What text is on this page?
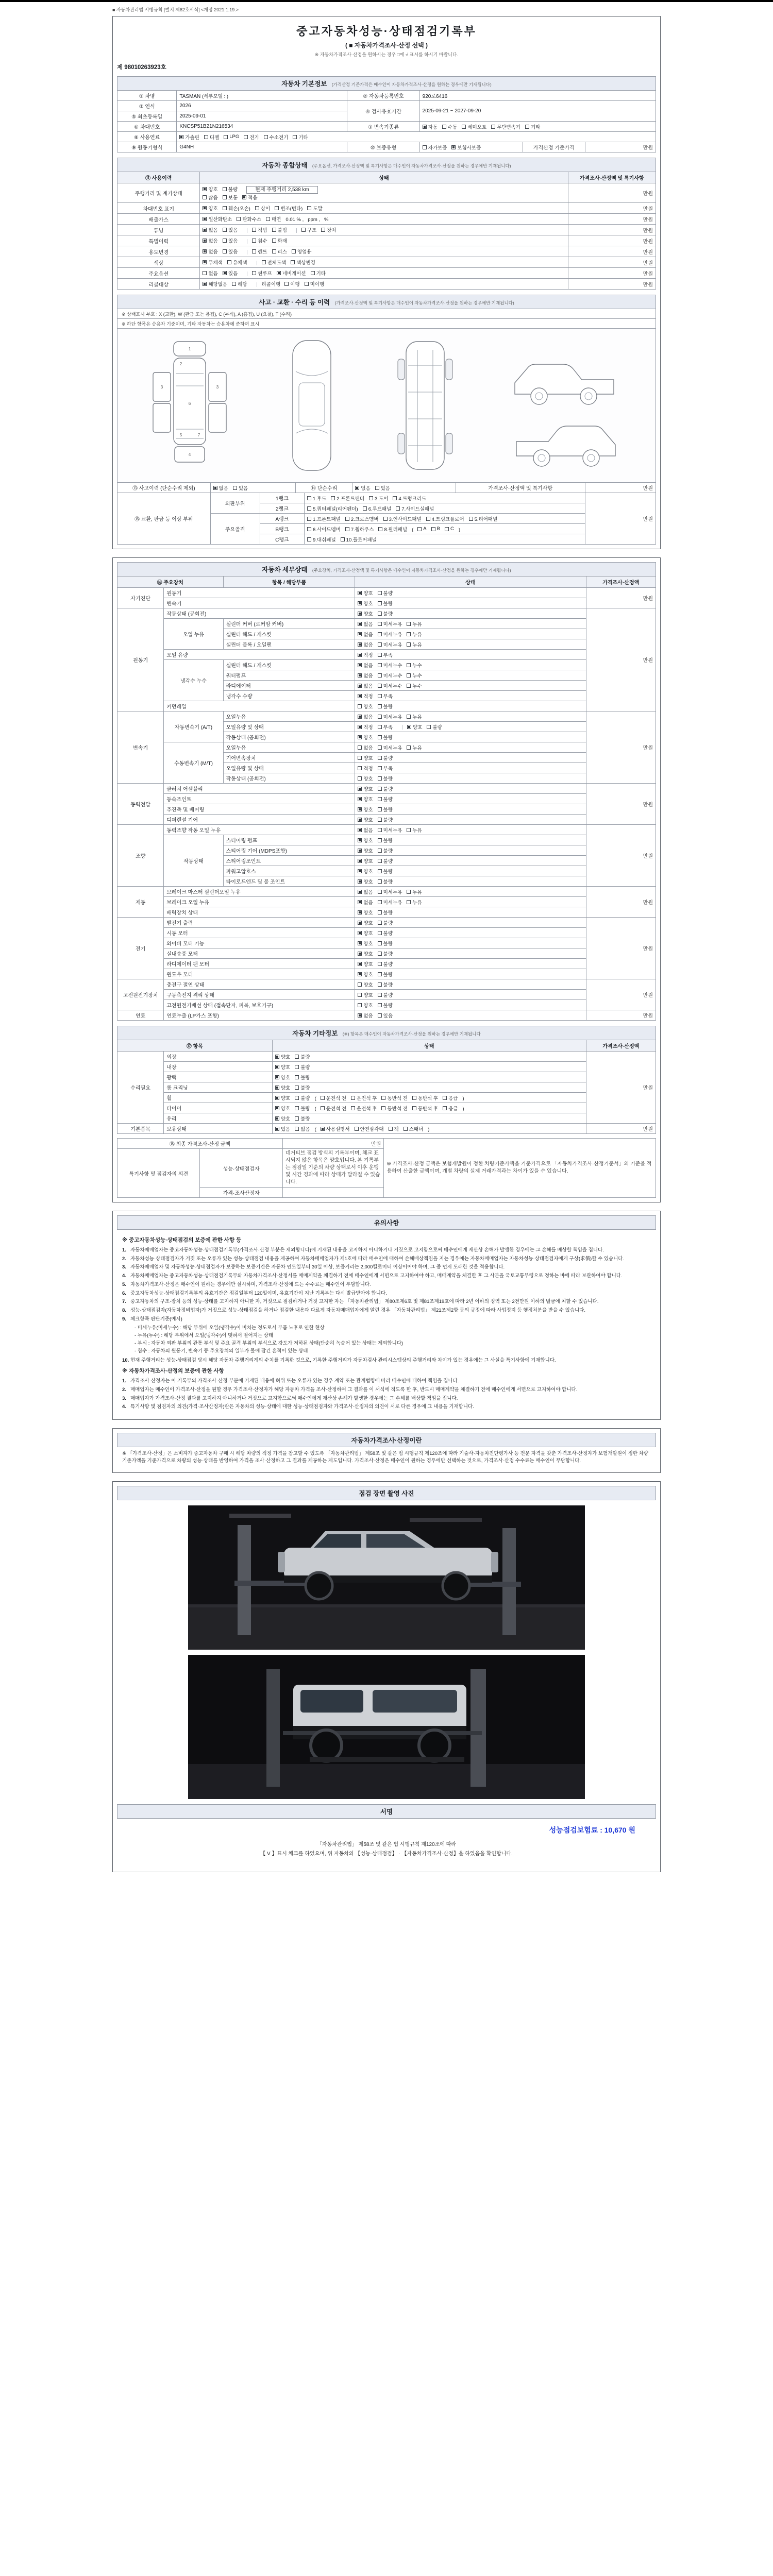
■ 자동차관리법 시행규칙 [별지 제82호서식] <개정 2021.1.19.>
중고자동차성능·상태점검기록부
( ■ 자동차가격조사·산정 선택 )
※ 자동차가격조사·산정을 원하시는 경우 □에 √ 표시를 하시기 바랍니다.
제 98010263923호
자동차 기본정보 (가격산정 기준가격은 매수인이 자동차가격조사·산정을 원하는 경우에만 기재됩니다)
① 차명	TASMAN (세부모델 : )	② 자동차등록번호	920로6416		
③ 연식	2026	④ 검사유효기간	2025-09-21 ~ 2027-09-20		
⑤ 최초등록일	2025-09-01				
⑥ 차대번호	KNCSP51B21N216534	⑦ 변속기종류	자동 수동 세미오토 무단변속기 기타		

⑧ 사용연료	가솔린 디젤 LPG 전기 수소전기 기타

⑨ 원동기형식	G4NH	⑩ 보증유형	자가보증 보험사보증	가격산정 기준가격	만원
자동차 종합상태 (주요옵션, 가격조사·산정액 및 특기사항은 매수인이 자동차가격조사·산정을 원하는 경우에만 기재됩니다)
⑪ 사용이력	상태	가격조사·산정액 및 특기사항
주행거리 및 계기상태	
양호 불량	현재 주행거리 2,538 km
많음 보통 적음
	만원
차대번호 표기	양호 훼손(오손) 상이 변조(변타) 도말	만원
배출가스	일산화탄소 탄화수소 매연 0.01 % , ppm , %	만원
튜닝	없음 있음	적법 불법	구조 장치	만원
특별이력	없음 있음 침수 화재	만원
용도변경	없음 있음 렌트 리스 영업용	만원
색상	무채색 유채색 전체도색 색상변경	만원
주요옵션	없음 있음 썬루프 네비게이션 기타	만원
리콜대상	해당없음 해당 리콜이행 이행 미이행	만원
사고 · 교환 · 수리 등 이력 (가격조사·산정액 및 특기사항은 매수인이 자동차가격조사·산정을 원하는 경우에만 기재됩니다)
※ 상태표시 부호 : X (교환), W (판금 또는 용접), C (부식), A (흠집), U (요철), T (수리)
※ 하단 항목은 승용차 기준이며, 기타 자동차는 승용차에 준하여 표시
1
2
3	3
6
5
4
7
⑬ 사고이력 (단순수리 제외)	없음 있음	⑭ 단순수리	없음 있음	가격조사·산정액 및 특기사항	만원
⑮ 교환, 판금 등 이상 부위	외판부위	1랭크	1.후드 2.프론트펜더 3.도어 4.트렁크리드	만원
		2랭크	5.쿼터패널(리어펜더) 6.루프패널 7.사이드실패널	

	주요골격	A랭크	1.프론트패널 2.크로스멤버 3.인사이드패널 4.트렁크플로어 5.리어패널	

B랭크	6.사이드멤버 7.휠하우스 8.필러패널 ( A B C )
		C랭크	9.대쉬패널 10.플로어패널	
자동차 세부상태 (주요장치, 가격조사·산정액 및 특기사항은 매수인이 자동차가격조사·산정을 원하는 경우에만 기재됩니다)
⑯ 주요장치		항목 / 해당부품	상태	가격조사·산정액
자기진단	원동기		양호 불량	만원
	변속기		양호 불량	

원동기	작동상태 (공회전)		양호 불량	만원
	오일 누유	실린더 커버 (로커암 커버)	없음 미세누유 누유	

		실린더 헤드 / 개스킷	없음 미세누유 누유	

		실린더 블록 / 오일팬	없음 미세누유 누유	

	오일 유량		적정 부족	

	냉각수 누수	실린더 헤드 / 개스킷	없음 미세누수 누수	

		워터펌프	없음 미세누수 누수	

		라디에이터	없음 미세누수 누수	

		냉각수 수량	적정 부족	

	커먼레일		양호 불량	

변속기	자동변속기 (A/T)	오일누유	없음 미세누유 누유	만원
		오일유량 및 상태	적정 부족 양호 불량	

		작동상태 (공회전)	양호 불량	

	수동변속기 (M/T)	오일누유	없음 미세누유 누유	

		기어변속장치	양호 불량	

		오일유량 및 상태	적정 부족	

		작동상태 (공회전)	양호 불량	

동력전달	클러치 어셈블리		양호 불량	만원
	등속조인트		양호 불량	

	추진축 및 베어링		양호 불량	

	디퍼렌셜 기어		양호 불량	

조향	동력조향 작동 오일 누유		없음 미세누유 누유	만원
	작동상태	스티어링 펌프	양호 불량	

		스티어링 기어 (MDPS포함)	양호 불량	

		스티어링조인트	양호 불량	

		파워고압호스	양호 불량	

		타이로드엔드 및 볼 조인트	양호 불량	

제동	브레이크 마스터 실린더오일 누유		없음 미세누유 누유	만원
	브레이크 오일 누유		없음 미세누유 누유	

	배력장치 상태		양호 불량	

전기	발전기 출력		양호 불량	만원
	시동 모터		양호 불량	

	와이퍼 모터 기능		양호 불량	

	실내송풍 모터		양호 불량	

	라디에이터 팬 모터		양호 불량	

	윈도우 모터		양호 불량	

고전원전기장치	충전구 절연 상태		양호 불량	만원
	구동축전지 격리 상태		양호 불량	

	고전원전기배선 상태 (접속단자, 피복, 보호기구)		양호 불량	

연료	연료누출 (LP가스 포함)		없음 있음	만원
자동차 기타정보 (※) 항목은 매수인이 자동차가격조사·산정을 원하는 경우에만 기재됩니다
⑰ 항목		상태	가격조사·산정액
수리필요	외장	양호 불량	만원
	내장	양호 불량	

	광택	양호 불량	

	룸 크리닝	양호 불량	

휠	양호 불량 ( 운전석 전 운전석 후 동반석 전 동반석 후 응급 )
타이어	양호 불량 ( 운전석 전 운전석 후 동반석 전 동반석 후 응급 )
	유리	양호 불량	

기본품목	보유상태	있음 없음 ( 사용설명서 안전삼각대 잭 스패너 )	만원
⑱ 최종 가격조사·산정 금액		만원	※ 가격조사·산정 금액은 보험개발원이 정한 차량기준가액을 기준가격으로 「자동차가격조사·산정기준서」의 기준을 적용하여 산출한 금액이며, 개별 차량의 실제 거래가격과는 차이가 있을 수 있습니다.
특기사항 및 점검자의 의견	성능·상태점검자	네거티브 점검 방식의 기록부이며, 체크 표시되지 않은 항목은 양호입니다. 본 기록부는 점검일 기준의 차량 상태로서 이후 운행 및 시간 경과에 따라 상태가 달라질 수 있습니다.	
	가격·조사산정자		
유의사항
※ 중고자동차성능·상태점검의 보증에 관한 사항 등
1. 자동차매매업자는 중고자동차성능·상태점검기록부(가격조사·산정 부분은 제외합니다)에 기재된 내용을 고지하지 아니하거나 거짓으로 고지함으로써 매수인에게 재산상 손해가 발생한 경우에는 그 손해를 배상할 책임을 집니다.
2. 자동차성능·상태점검자가 거짓 또는 오류가 있는 성능·상태점검 내용을 제공하여 자동차매매업자가 제1호에 따라 매수인에 대하여 손해배상책임을 지는 경우에는 자동차매매업자는 자동차성능·상태점검자에게 구상(求償)할 수 있습니다.
3. 자동차매매업자 및 자동차성능·상태점검자가 보증하는 보증기간은 자동차 인도일부터 30일 이상, 보증거리는 2,000킬로미터 이상이어야 하며, 그 중 먼저 도래한 것을 적용합니다.
4. 자동차매매업자는 중고자동차성능·상태점검기록부와 자동차가격조사·산정서를 매매계약을 체결하기 전에 매수인에게 서면으로 고지하여야 하고, 매매계약을 체결한 후 그 사본을 국토교통부령으로 정하는 바에 따라 보관하여야 합니다.
5. 자동차가격조사·산정은 매수인이 원하는 경우에만 실시하며, 가격조사·산정에 드는 수수료는 매수인이 부담합니다.
6. 중고자동차성능·상태점검기록부의 유효기간은 점검일부터 120일이며, 유효기간이 지난 기록부는 다시 발급받아야 합니다.
7. 중고자동차의 구조·장치 등의 성능·상태를 고지하지 아니한 자, 거짓으로 점검하거나 거짓 고지한 자는 「자동차관리법」 제80조제6호 및 제81조제19호에 따라 2년 이하의 징역 또는 2천만원 이하의 벌금에 처할 수 있습니다.
8. 성능·상태점검자(자동차정비업자)가 거짓으로 성능·상태점검을 하거나 점검한 내용과 다르게 자동차매매업자에게 알린 경우 「자동차관리법」 제21조제2항 등의 규정에 따라 사업정지 등 행정처분을 받을 수 있습니다.
9. 체크항목 판단기준(예시)
- 미세누유(미세누수) : 해당 부위에 오일(냉각수)이 비치는 정도로서 부품 노후로 인한 현상
- 누유(누수) : 해당 부위에서 오일(냉각수)이 맺혀서 떨어지는 상태
- 부식 : 자동차 외판 부위의 관통 부식 및 주요 골격 부위의 부식으로 강도가 저하된 상태(단순히 녹슬어 있는 상태는 제외합니다)
- 침수 : 자동차의 원동기, 변속기 등 주요장치의 일부가 물에 잠긴 흔적이 있는 상태
10. 현재 주행거리는 성능·상태점검 당시 해당 자동차 주행거리계의 수치를 기록한 것으로, 기록한 주행거리가 자동차검사 관리시스템상의 주행거리와 차이가 있는 경우에는 그 사실을 특기사항에 기재합니다.
※ 자동차가격조사·산정의 보증에 관한 사항
1. 가격조사·산정자는 이 기록부의 가격조사·산정 부분에 기재된 내용에 허위 또는 오류가 있는 경우 계약 또는 관계법령에 따라 매수인에 대하여 책임을 집니다.
2. 매매업자는 매수인이 가격조사·산정을 원할 경우 가격조사·산정자가 해당 자동차 가격을 조사·산정하여 그 결과를 이 서식에 적도록 한 후, 반드시 매매계약을 체결하기 전에 매수인에게 서면으로 고지하여야 합니다.
3. 매매업자가 가격조사·산정 결과를 고지하지 아니하거나 거짓으로 고지함으로써 매수인에게 재산상 손해가 발생한 경우에는 그 손해를 배상할 책임을 집니다.
4. 특기사항 및 점검자의 의견(가격·조사산정자)란은 자동차의 성능·상태에 대한 성능·상태점검자와 가격조사·산정자의 의견이 서로 다른 경우에 그 내용을 기재합니다.
자동차가격조사·산정이란
※ 「가격조사·산정」은 소비자가 중고자동차 구매 시 해당 차량의 적정 가격을 참고할 수 있도록 「자동차관리법」 제58조 및 같은 법 시행규칙 제120조에 따라 기술사·자동차진단평가사 등 전문 자격을 갖춘 가격조사·산정자가 보험개발원이 정한 차량기준가액을 기준가격으로 차량의 성능·상태를 반영하여 가격을 조사·산정하고 그 결과를 제공하는 제도입니다. 가격조사·산정은 매수인이 원하는 경우에만 선택하는 것으로, 가격조사·산정 수수료는 매수인이 부담합니다.
점검 장면 촬영 사진
서명
성능점검보험료 : 10,670 원
「자동차관리법」 제58조 및 같은 법 시행규칙 제120조에 따라
【 V 】표시 체크를 하였으며, 위 자동차의 【성능·상태점검】 · 【자동차가격조사·산정】을 하였음을 확인합니다.
